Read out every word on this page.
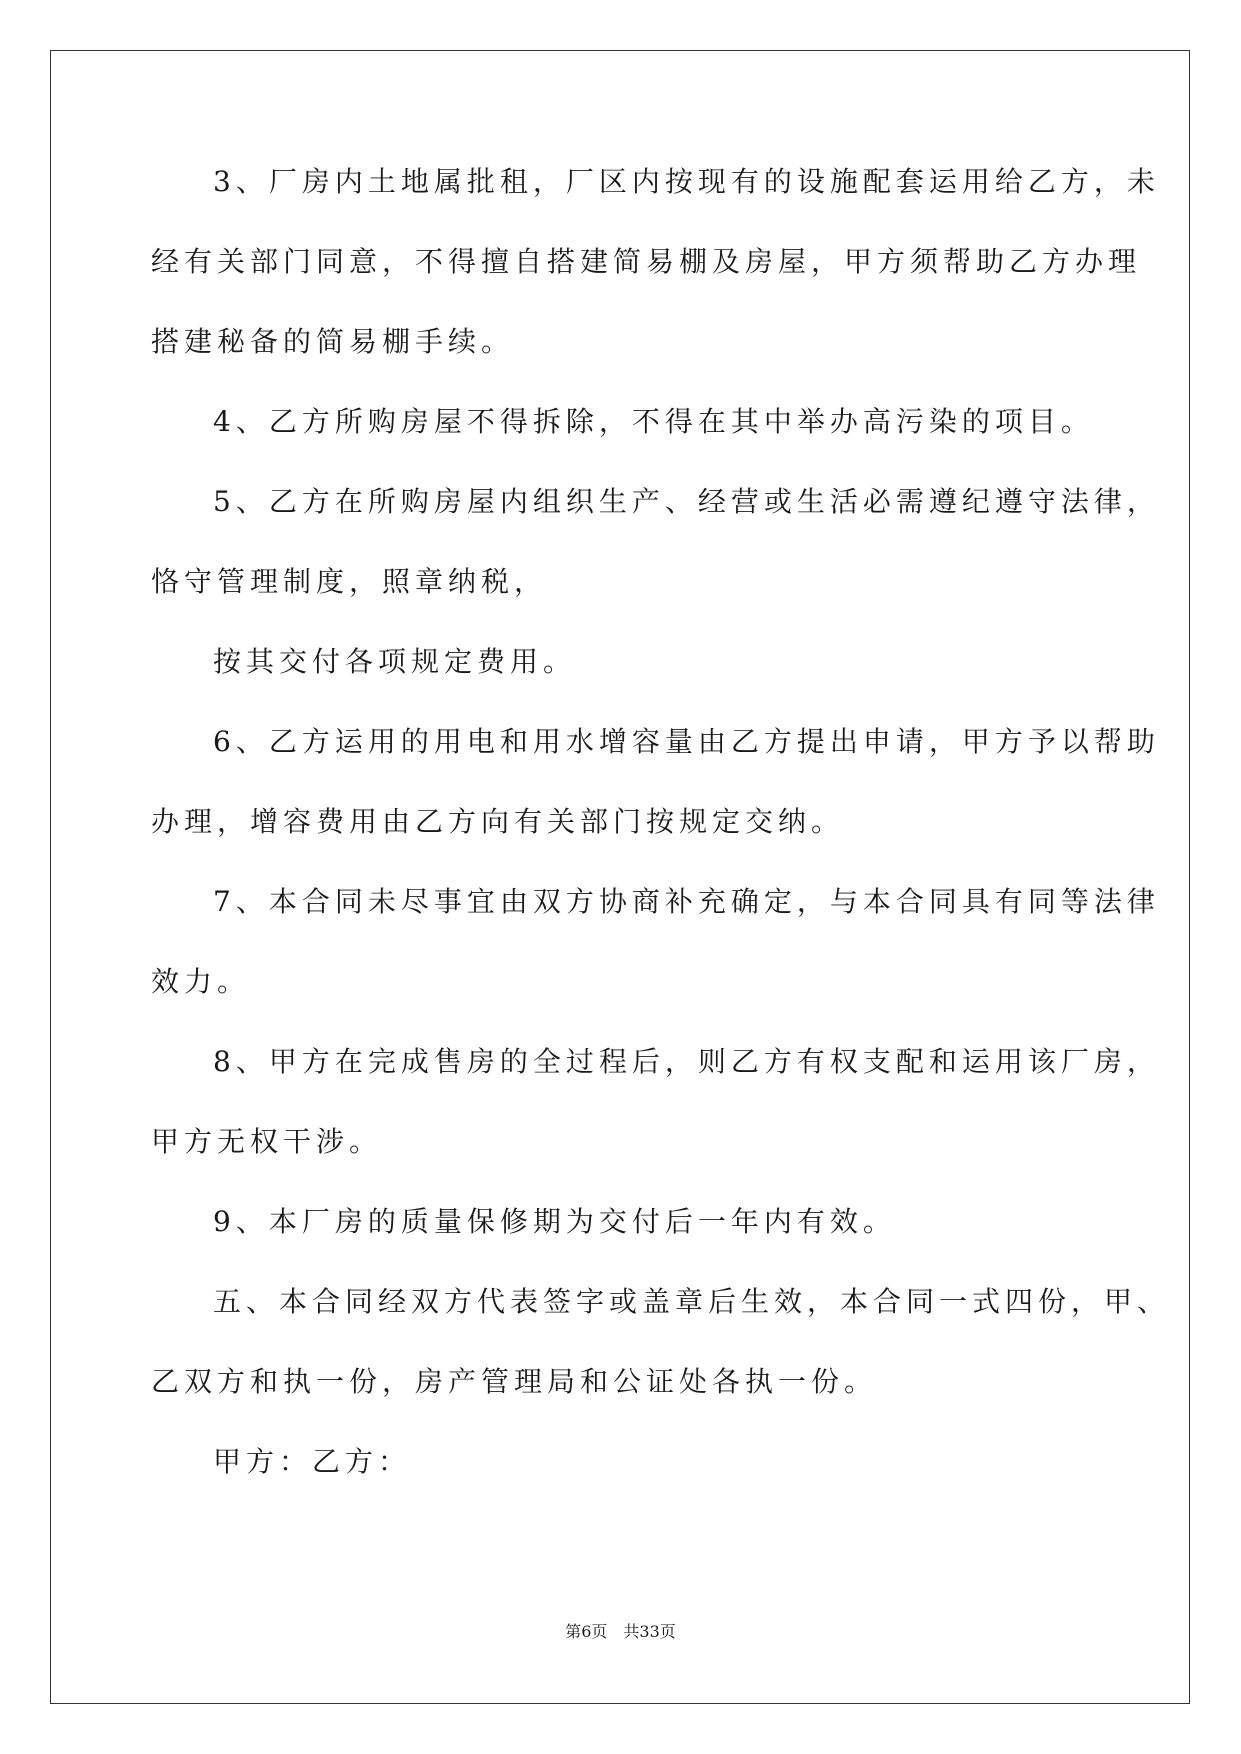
3、厂房内土地属批租，厂区内按现有的设施配套运用给乙方，未
经有关部门同意，不得擅自搭建简易棚及房屋，甲方须帮助乙方办理
搭建秘备的简易棚手续。
4、乙方所购房屋不得拆除，不得在其中举办高污染的项目。
5、乙方在所购房屋内组织生产、经营或生活必需遵纪遵守法律，
恪守管理制度，照章纳税，
按其交付各项规定费用。
6、乙方运用的用电和用水增容量由乙方提出申请，甲方予以帮助
办理，增容费用由乙方向有关部门按规定交纳。
7、本合同未尽事宜由双方协商补充确定，与本合同具有同等法律
效力。
8、甲方在完成售房的全过程后，则乙方有权支配和运用该厂房，
甲方无权干涉。
9、本厂房的质量保修期为交付后一年内有效。
五、本合同经双方代表签字或盖章后生效，本合同一式四份，甲、
乙双方和执一份，房产管理局和公证处各执一份。
甲方：乙方：
第6页　共33页
